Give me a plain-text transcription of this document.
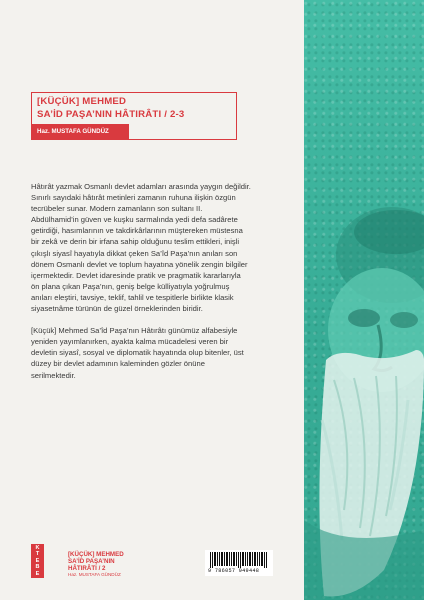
[KÜÇÜK] MEHMED
SA’İD PAŞA’NIN HÂTIRÂTI / 2-3
Haz. MUSTAFA GÜNDÜZ

Hâtırât yazmak Osmanlı devlet adamları arasında yaygın değildir. Sınırlı sayıdaki hâtırât metinleri zamanın ruhuna ilişkin özgün tecrübeler sunar. Modern zamanların son sultanı II. Abdülhamid’in güven ve kuşku sarmalında yedi defa sadârete getirdiği, hasımlarının ve takdirkârlarının müştereken müstesna bir zekâ ve derin bir irfana sahip olduğunu teslim ettikleri, inişli çıkışlı siyasî hayatıyla dikkat çeken Sa’îd Paşa’nın anıları son dönem Osmanlı devlet ve toplum hayatına yönelik zengin bilgiler içermektedir. Devlet idaresinde pratik ve pragmatik kararlarıyla ön plana çıkan Paşa’nın, geniş belge külliyatıyla yoğrulmuş anıları eleştiri, tavsiye, teklif, tahlil ve tespitlerle birlikte klasik siyasetnâme türünün de güzel örneklerinden biridir.

[Küçük] Mehmed Sa’îd Paşa’nın Hâtırâtı günümüz alfabesiyle yeniden yayımlanırken, ayakta kalma mücadelesi veren bir devletin siyasî, sosyal ve diplomatik hayatında olup bitenler, üst düzey bir devlet adamının kaleminden gözler önüne serilmektedir.

K
T
E
B
E
[KÜÇÜK] MEHMED
SA’İD PAŞA’NIN
HÂTIRÂTI / 2
Haz. MUSTAFA GÜNDÜZ
9 786057 949448
